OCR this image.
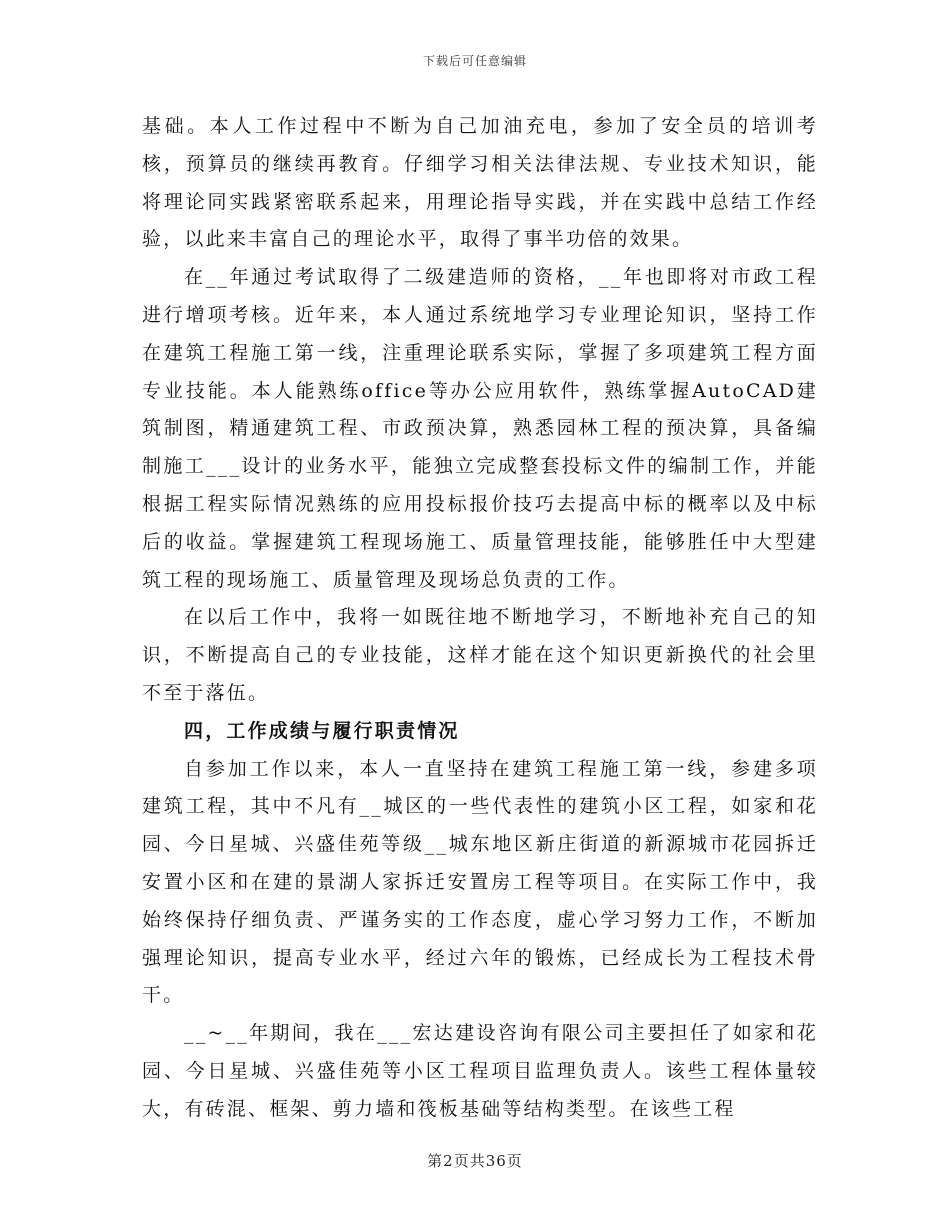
下载后可任意编辑

基础。本人工作过程中不断为自己加油充电，参加了安全员的培训考核，预算员的继续再教育。仔细学习相关法律法规、专业技术知识，能将理论同实践紧密联系起来，用理论指导实践，并在实践中总结工作经验，以此来丰富自己的理论水平，取得了事半功倍的效果。

在__年通过考试取得了二级建造师的资格，__年也即将对市政工程进行增项考核。近年来，本人通过系统地学习专业理论知识，坚持工作在建筑工程施工第一线，注重理论联系实际，掌握了多项建筑工程方面专业技能。本人能熟练office等办公应用软件，熟练掌握AutoCAD建筑制图，精通建筑工程、市政预决算，熟悉园林工程的预决算，具备编制施工___设计的业务水平，能独立完成整套投标文件的编制工作，并能根据工程实际情况熟练的应用投标报价技巧去提高中标的概率以及中标后的收益。掌握建筑工程现场施工、质量管理技能，能够胜任中大型建筑工程的现场施工、质量管理及现场总负责的工作。

在以后工作中，我将一如既往地不断地学习，不断地补充自己的知识，不断提高自己的专业技能，这样才能在这个知识更新换代的社会里不至于落伍。

四，工作成绩与履行职责情况

自参加工作以来，本人一直坚持在建筑工程施工第一线，参建多项建筑工程，其中不凡有__城区的一些代表性的建筑小区工程，如家和花园、今日星城、兴盛佳苑等级__城东地区新庄街道的新源城市花园拆迁安置小区和在建的景湖人家拆迁安置房工程等项目。在实际工作中，我始终保持仔细负责、严谨务实的工作态度，虚心学习努力工作，不断加强理论知识，提高专业水平，经过六年的锻炼，已经成长为工程技术骨干。

__~__年期间，我在___宏达建设咨询有限公司主要担任了如家和花园、今日星城、兴盛佳苑等小区工程项目监理负责人。该些工程体量较大，有砖混、框架、剪力墙和筏板基础等结构类型。在该些工程

第2页共36页
